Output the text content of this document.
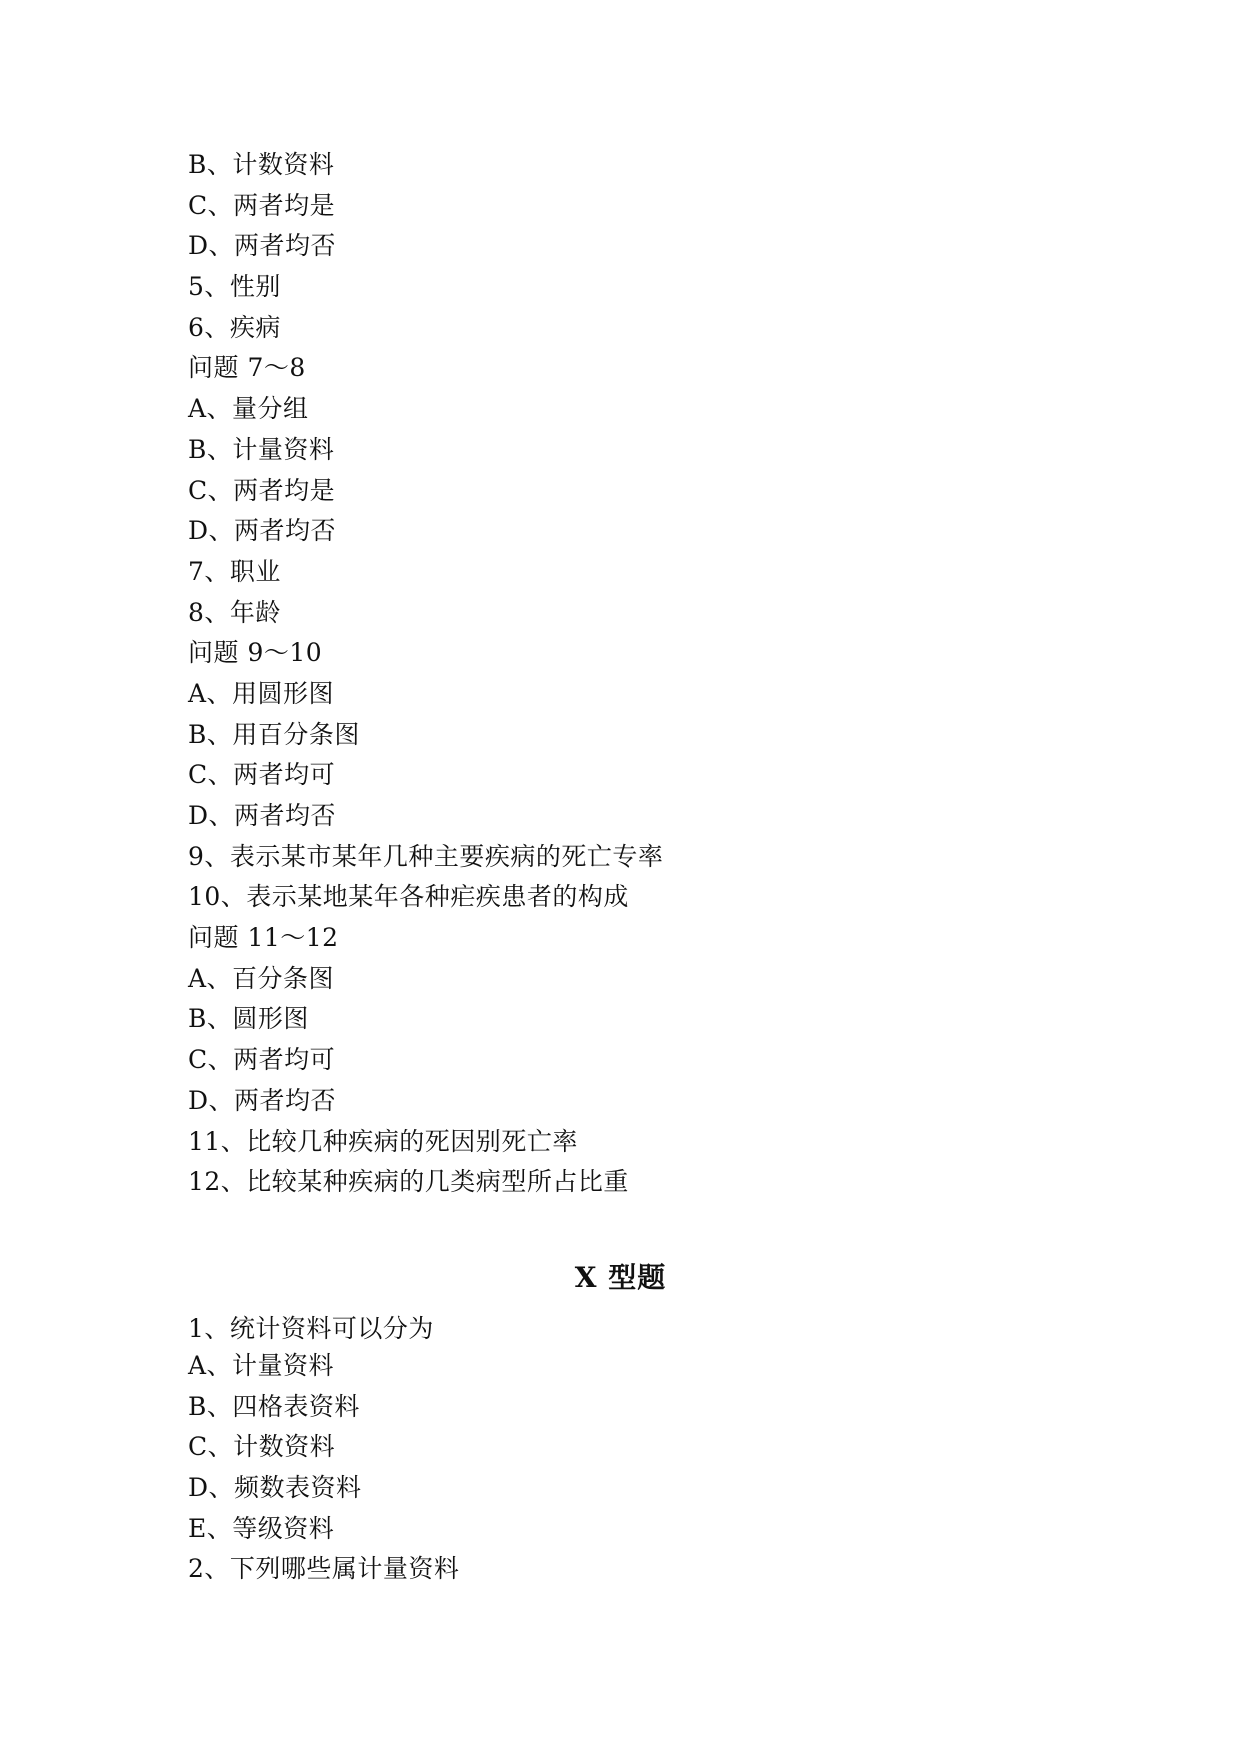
B、计数资料
C、两者均是
D、两者均否
5、性别
6、疾病
问题 7～8
A、量分组
B、计量资料
C、两者均是
D、两者均否
7、职业
8、年龄
问题 9～10
A、用圆形图
B、用百分条图
C、两者均可
D、两者均否
9、表示某市某年几种主要疾病的死亡专率
10、表示某地某年各种疟疾患者的构成
问题 11～12
A、百分条图
B、圆形图
C、两者均可
D、两者均否
11、比较几种疾病的死因别死亡率
12、比较某种疾病的几类病型所占比重
X 型题
1、统计资料可以分为
A、计量资料
B、四格表资料
C、计数资料
D、频数表资料
E、等级资料
2、下列哪些属计量资料
